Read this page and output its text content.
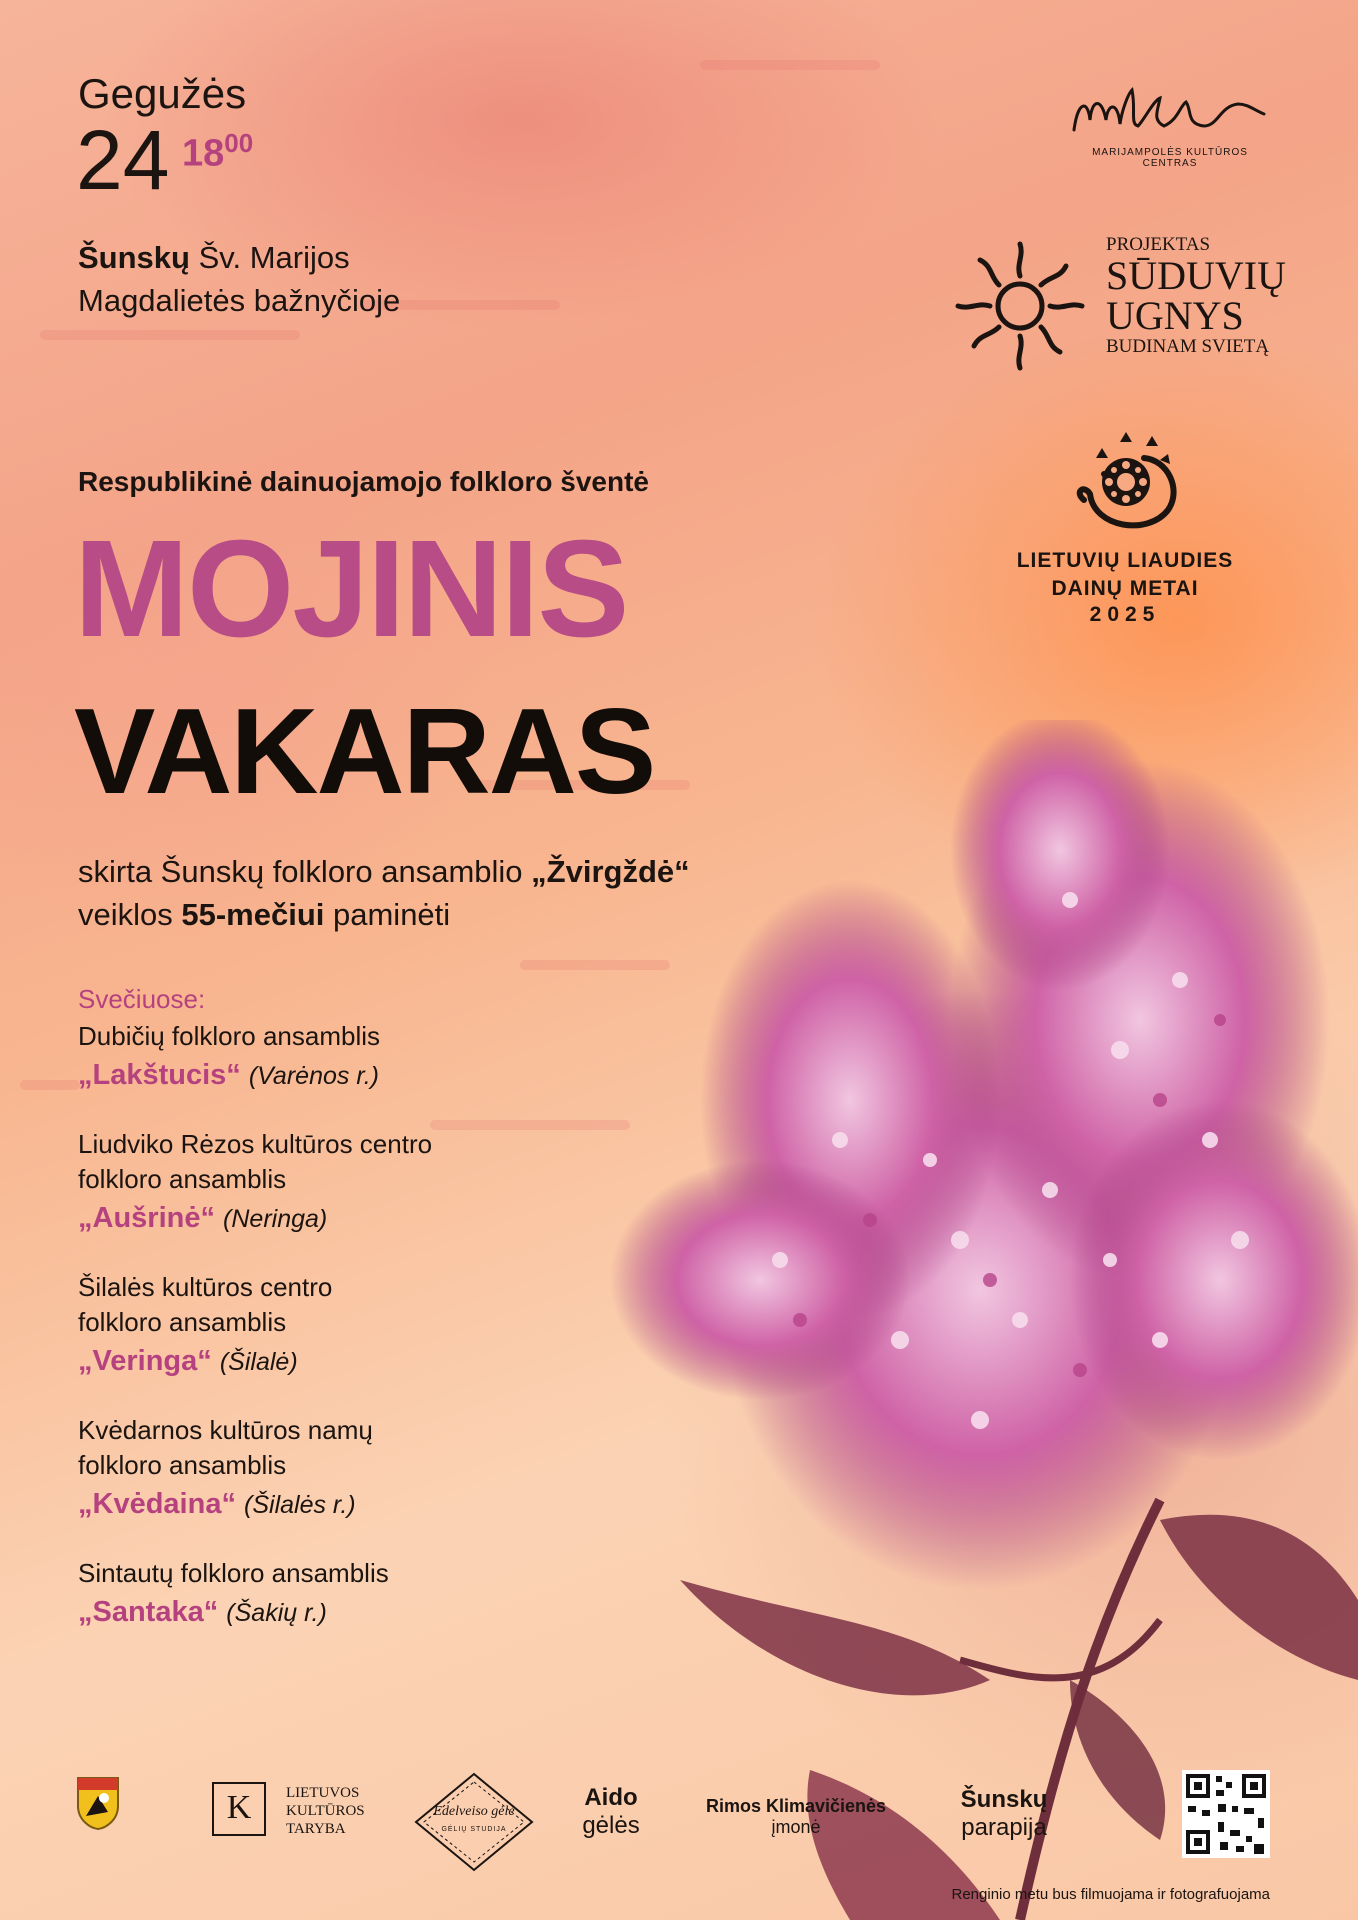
Gegužės
24 $18^{00}$
Šunskų Šv. Marijos
Magdalietės bažnyčioje
Respublikinė dainuojamojo folkloro šventė
MOJINIS
VAKARAS
skirta Šunskų folkloro ansamblio „Žvirgždė“
veiklos 55-mečiui paminėti
Svečiuose:
Dubičių folkloro ansamblis
„Lakštucis“ (Varėnos r.)
Liudviko Rėzos kultūros centro
folkloro ansamblis
„Aušrinė“ (Neringa)
Šilalės kultūros centro
folkloro ansamblis
„Veringa“ (Šilalė)
Kvėdarnos kultūros namų
folkloro ansamblis
„Kvėdaina“ (Šilalės r.)
Sintautų folkloro ansamblis
„Santaka“ (Šakių r.)
MARIJAMPOLĖS KULTŪROS CENTRAS
PROJEKTAS
SŪDUVIŲ
UGNYS
BUDINAM SVIETĄ
LIETUVIŲ LIAUDIES
DAINŲ METAI
2025
K	LIETUVOS
KULTŪROS
TARYBA
Edelveiso gėlė
GĖLIŲ STUDIJA
Aido
gėlės
Rimos Klimavičienės
įmonė
Šunskų
parapija
Renginio metu bus filmuojama ir fotografuojama
